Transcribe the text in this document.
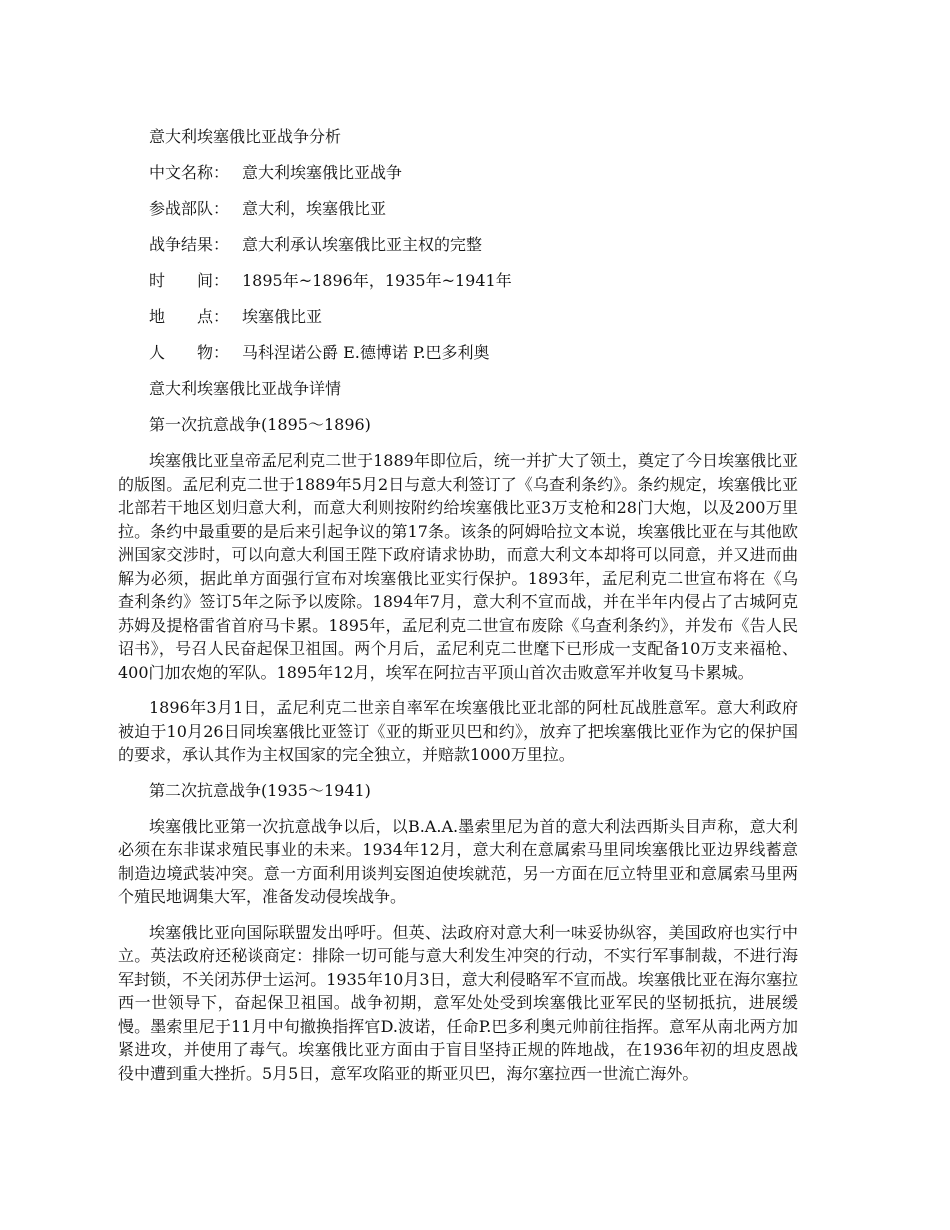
意大利埃塞俄比亚战争分析
中文名称： 意大利埃塞俄比亚战争
参战部队： 意大利，埃塞俄比亚
战争结果： 意大利承认埃塞俄比亚主权的完整
时　　间： 1895年~1896年，1935年~1941年
地　　点： 埃塞俄比亚
人　　物： 马科涅诺公爵 E.德博诺 P.巴多利奥
意大利埃塞俄比亚战争详情
第一次抗意战争(1895～1896)

埃塞俄比亚皇帝孟尼利克二世于1889年即位后，统一并扩大了领土，奠定了今日埃塞俄比亚的版图。孟尼利克二世于1889年5月2日与意大利签订了《乌查利条约》。条约规定，埃塞俄比亚北部若干地区划归意大利，而意大利则按附约给埃塞俄比亚3万支枪和28门大炮，以及200万里拉。条约中最重要的是后来引起争议的第17条。该条的阿姆哈拉文本说，埃塞俄比亚在与其他欧洲国家交涉时，可以向意大利国王陛下政府请求协助，而意大利文本却将可以同意，并又进而曲解为必须，据此单方面强行宣布对埃塞俄比亚实行保护。1893年，孟尼利克二世宣布将在《乌查利条约》签订5年之际予以废除。1894年7月，意大利不宣而战，并在半年内侵占了古城阿克苏姆及提格雷省首府马卡累。1895年，孟尼利克二世宣布废除《乌查利条约》，并发布《告人民诏书》，号召人民奋起保卫祖国。两个月后，孟尼利克二世麾下已形成一支配备10万支来福枪、400门加农炮的军队。1895年12月，埃军在阿拉吉平顶山首次击败意军并收复马卡累城。

1896年3月1日，孟尼利克二世亲自率军在埃塞俄比亚北部的阿杜瓦战胜意军。意大利政府被迫于10月26日同埃塞俄比亚签订《亚的斯亚贝巴和约》，放弃了把埃塞俄比亚作为它的保护国的要求，承认其作为主权国家的完全独立，并赔款1000万里拉。

第二次抗意战争(1935～1941)

埃塞俄比亚第一次抗意战争以后，以B.A.A.墨索里尼为首的意大利法西斯头目声称，意大利必须在东非谋求殖民事业的未来。1934年12月，意大利在意属索马里同埃塞俄比亚边界线蓄意制造边境武装冲突。意一方面利用谈判妄图迫使埃就范，另一方面在厄立特里亚和意属索马里两个殖民地调集大军，准备发动侵埃战争。

埃塞俄比亚向国际联盟发出呼吁。但英、法政府对意大利一味妥协纵容，美国政府也实行中立。英法政府还秘谈商定：排除一切可能与意大利发生冲突的行动，不实行军事制裁，不进行海军封锁，不关闭苏伊士运河。1935年10月3日，意大利侵略军不宣而战。埃塞俄比亚在海尔塞拉西一世领导下，奋起保卫祖国。战争初期，意军处处受到埃塞俄比亚军民的坚韧抵抗，进展缓慢。墨索里尼于11月中旬撤换指挥官D.波诺，任命P.巴多利奥元帅前往指挥。意军从南北两方加紧进攻，并使用了毒气。埃塞俄比亚方面由于盲目坚持正规的阵地战，在1936年初的坦皮恩战役中遭到重大挫折。5月5日，意军攻陷亚的斯亚贝巴，海尔塞拉西一世流亡海外。
